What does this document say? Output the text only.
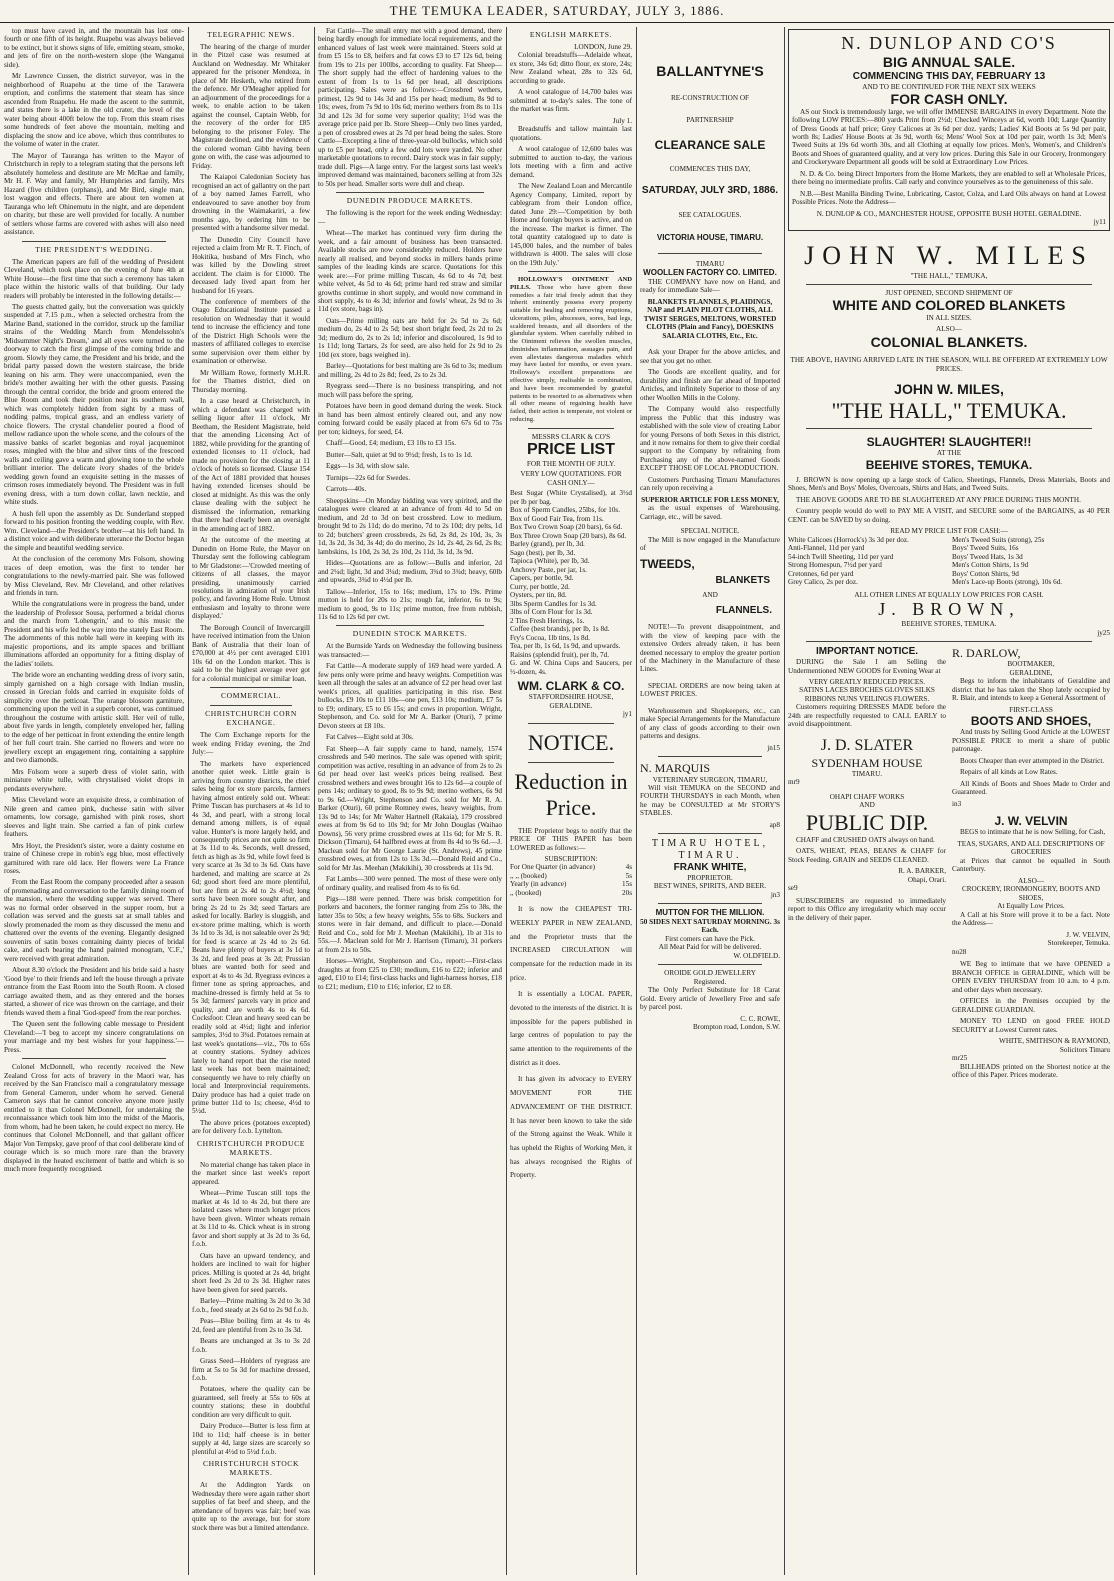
THE TEMUKA LEADER, SATURDAY, JULY 3, 1886.

top must have caved in, and the mountain has lost one-fourth or one fifth of its height. Ruapehu was always believed to be extinct, but it shows signs of life, emitting steam, smoke, and jets of fire on the north-western slope (the Wanganui side).

Mr Lawrence Cussen, the district surveyor, was in the neighborhood of Ruapehu at the time of the Tarawera eruption, and confirms the statement that steam has since ascended from Ruapehu. He made the ascent to the summit, and states there is a lake in the old crater, the level of the water being about 400ft below the top. From this steam rises some hundreds of feet above the mountain, melting and displacing the snow and ice above, which thus contributes to the volume of water in the crater.

The Mayor of Tauranga has written to the Mayor of Christchurch in reply to a telegram stating that the persons left absolutely homeless and destitute are Mr McRae and family, Mr H. F. Way and family, Mr Humphries and family, Mrs Hazard (five children (orphans)), and Mr Bird, single man, lost waggon and effects. There are about ten women at Tauranga who left Ohinemutu in the night, and are dependent on charity, but these are well provided for locally. A number of settlers whose farms are covered with ashes will also need assistance.

THE PRESIDENT'S WEDDING.

The American papers are full of the wedding of President Cleveland, which took place on the evening of June 4th at White House—the first time that such a ceremony has taken place within the historic walls of that building. Our lady readers will probably be interested in the following details:—

The guests chatted gaily, but the conversation was quickly suspended at 7.15 p.m., when a selected orchestra from the Marine Band, stationed in the corridor, struck up the familiar strains of the Wedding March from Mendelssohn's 'Midsummer Night's Dream,' and all eyes were turned to the doorway to catch the first glimpse of the coming bride and groom. Slowly they came, the President and his bride, and the bridal party passed down the western staircase, the bride leaning on his arm. They were unaccompanied, even the bride's mother awaiting her with the other guests. Passing through the central corridor, the bride and groom entered the Blue Room and took their position near its southern wall, which was completely hidden from sight by a mass of nodding palms, tropical grass, and an endless variety of choice flowers. The crystal chandelier poured a flood of mellow radiance upon the whole scene, and the colours of the massive banks of scarlet begonias and royal jacqueminot roses, mingled with the blue and silver tints of the frescoed walls and ceiling gave a warm and glowing tone to the whole brilliant interior. The delicate ivory shades of the bride's wedding gown found an exquisite setting in the masses of crimson roses immediately beyond. The President was in full evening dress, with a turn down collar, lawn necktie, and white studs.

A hush fell upon the assembly as Dr. Sunderland stepped forward to his position fronting the wedding couple, with Rev. Wm. Cleveland—the President's brother—at his left hand. In a distinct voice and with deliberate utterance the Doctor began the simple and beautiful wedding service.

At the conclusion of the ceremony Mrs Folsom, showing traces of deep emotion, was the first to tender her congratulations to the newly-married pair. She was followed by Miss Cleveland, Rev. Mr Cleveland, and other relatives and friends in turn.

While the congratulations were in progress the band, under the leadership of Professor Sousa, performed a bridal chorus and the march from 'Lohengrin,' and to this music the President and his wife led the way into the stately East Room. The adornments of this noble hall were in keeping with its majestic proportions, and its ample spaces and brilliant illuminations afforded an opportunity for a fitting display of the ladies' toilets.

The bride wore an enchanting wedding dress of ivory satin, simply garnished on a high corsage with Indian muslin, crossed in Grecian folds and carried in exquisite folds of simplicity over the petticoat. The orange blossom garniture, commencing upon the veil in a superb coronet, was continued throughout the costume with artistic skill. Her veil of tulle, about five yards in length, completely enveloped her, falling to the edge of her petticoat in front extending the entire length of her full court train. She carried no flowers and wore no jewellery except an engagement ring, containing a sapphire and two diamonds.

Mrs Folsom wore a superb dress of violet satin, with miniature white tulle, with chrystalised violet drops in pendants everywhere.

Miss Cleveland wore an exquisite dress, a combination of Nile green and cameo pink, duchesse satin with silver ornaments, low corsage, garnished with pink roses, short sleeves and light train. She carried a fan of pink curlew feathers.

Mrs Hoyt, the President's sister, wore a dainty costume en traine of Chinese crepe in robin's egg blue, most effectively garnitured with rare old lace. Her flowers were La France roses.

From the East Room the company proceeded after a season of promenading and conversation to the family dining room of the mansion, where the wedding supper was served. There was no formal order observed in the supper room, but a collation was served and the guests sat at small tables and slowly promenaded the room as they discussed the menu and chattered over the events of the evening. Elegantly designed souvenirs of satin boxes containing dainty pieces of bridal cake, and each bearing the hand painted monogram, 'C.F.,' were received with great admiration.

About 8.30 o'clock the President and his bride said a hasty 'Good bye' to their friends and left the house through a private entrance from the East Room into the South Room. A closed carriage awaited them, and as they entered and the horses started, a shower of rice was thrown on the carriage, and their friends waved them a final 'God-speed' from the rear porches.

The Queen sent the following cable message to President Cleveland:—'I beg to accept my sincere congratulations on your marriage and my best wishes for your happiness.'—Press.

Colonel McDonnell, who recently received the New Zealand Cross for acts of bravery in the Maori war, has received by the San Francisco mail a congratulatory message from General Cameron, under whom he served. General Cameron says that he cannot conceive anyone more justly entitled to it than Colonel McDonnell, for undertaking the reconnaissance which took him into the midst of the Maoris, from whom, had he been taken, he could expect no mercy. He continues that Colonel McDonnell, and that gallant officer Major Von Tempsky, gave proof of that cool deliberate kind of courage which is so much more rare than the bravery displayed in the heated excitement of battle and which is so much more frequently recognised.

TELEGRAPHIC NEWS.

The hearing of the charge of murder in the Pitzel case was resumed at Auckland on Wednesday. Mr Whitaker appeared for the prisoner Mendoza, in place of Mr Hesketh, who retired from the defence. Mr O'Meagher applied for an adjournment of the proceedings for a week, to enable action to be taken against the counsel, Captain Webb, for the recovery of the order for £85 belonging to the prisoner Foley. The Magistrate declined, and the evidence of the colored woman Gibb having been gone on with, the case was adjourned to Friday.

The Kaiapoi Caledonian Society has recognised an act of gallantry on the part of a boy named James Farrell, who endeavoured to save another boy from drowning in the Waimakariri, a few months ago, by ordering him to be presented with a handsome silver medal.

The Dunedin City Council have rejected a claim from Mr R. T. Finch, of Hokitika, husband of Mrs Finch, who was killed by the Dowling street accident. The claim is for £1000. The deceased lady lived apart from her husband for 16 years.

The conference of members of the Otago Educational Institute passed a resolution on Wednesday that it would tend to increase the efficiency and tone of the District High Schools were the masters of affiliated colleges to exercise some supervision over them either by examination or otherwise.

Mr William Rowe, formerly M.H.R. for the Thames district, died on Thursday morning.

In a case heard at Christchurch, in which a defendant was charged with selling liquor after 11 o'clock, Mr Beetham, the Resident Magistrate, held that the amending Licensing Act of 1882, while providing for the granting of extended licenses to 11 o'clock, had made no provision for the closing at 11 o'clock of hotels so licensed. Clause 154 of the Act of 1881 provided that houses having extended licenses should be closed at midnight. As this was the only clause dealing with the subject he dismissed the information, remarking that there had clearly been an oversight in the amending act of 1882.

At the outcome of the meeting at Dunedin on Home Rule, the Mayor on Thursday sent the following cablegram to Mr Gladstone:—'Crowded meeting of citizens of all classes, the mayor presiding, unanimously carried resolutions in admiration of your Irish policy, and favoring Home Rule. Utmost enthusiasm and loyalty to throne were displayed.'

The Borough Council of Invercargill have received intimation from the Union Bank of Australia that their loan of £70,000 at 4½ per cent averaged £101 10s 6d on the London market. This is said to be the highest average ever got for a colonial municipal or similar loan.

COMMERCIAL.
CHRISTCHURCH CORN EXCHANGE.

The Corn Exchange reports for the week ending Friday evening, the 2nd July:—

The markets have experienced another quiet week. Little grain is arriving from country districts, the chief sales being for ex store parcels, farmers having almost entirely sold out. Wheat: Prime Tuscan has purchasers at 4s 1d to 4s 3d, and pearl, with a strong local demand among millers, is of equal value. Hunter's is more largely held, and consequently prices are not quite so firm at 3s 11d to 4s. Seconds, well dressed, fetch as high as 3s 9d, while fowl feed is very scarce at 3s 3d to 3s 6d. Oats have hardened, and malting are scarce at 2s 6d; good short feed are more plentiful, but are firm at 2s 4d to 2s 4½d; long sorts have been more sought after, and bring 2s 2d to 2s 3d; seed Tartars are asked for locally. Barley is sluggish, and ex-store prime malting, which is worth 3s 1d to 3s 3d, is not saleable over 2s 9d; for feed is scarce at 2s 4d to 2s 6d. Beans have plenty of buyers at 3s 1d to 3s 2d, and feed peas at 3s 2d; Prussian blues are wanted both for seed and export at 4s to 4s 3d. Ryegrass evinces a firmer tone as spring approaches, and machine-dressed is firmly held at 5s to 5s 3d; farmers' parcels vary in price and quality, and are worth 4s to 4s 6d. Cocksfoot: Clean and heavy seed can be readily sold at 4½d; light and inferior samples, 3½d to 3¾d. Potatoes remain at last week's quotations—viz., 70s to 65s at country stations. Sydney advices lately to hand report that the rise noted last week has not been maintained; consequently we have to rely chiefly on local and Interprovincial requirements. Dairy produce has had a quiet trade on prime butter 11d to 1s; cheese, 4½d to 5½d.

The above prices (potatoes excepted) are for delivery f.o.b. Lyttelton.

CHRISTCHURCH PRODUCE MARKETS.

No material change has taken place in the market since last week's report appeared.

Wheat—Prime Tuscan still tops the market at 4s 1d to 4s 2d, but there are isolated cases where much longer prices have been given. Winter wheats remain at 3s 11d to 4s. Chick wheat is in strong favor and short supply at 3s 2d to 3s 6d, f.o.b.

Oats have an upward tendency, and holders are inclined to wait for higher prices. Milling is quoted at 2s 4d, bright short feed 2s 2d to 2s 3d. Higher rates have been given for seed parcels.

Barley—Prime malting 3s 2d to 3s 3d f.o.b., feed steady at 2s 6d to 2s 9d f.o.b.

Peas—Blue boiling firm at 4s to 4s 2d, feed are plentiful from 2s to 3s 3d.

Beans are unchanged at 3s to 3s 2d f.o.b.

Grass Seed—Holders of ryegrass are firm at 5s to 5s 3d for machine dressed, f.o.b.

Potatoes, where the quality can be guaranteed, sell freely at 55s to 60s at country stations; these in doubtful condition are very difficult to quit.

Dairy Produce—Butter is less firm at 10d to 11d; half cheese is in better supply at 4d, large sizes are scarcely so plentiful at 4½d to 5½d f.o.b.

CHRISTCHURCH STOCK MARKETS.

At the Addington Yards on Wednesday there were again rather short supplies of fat beef and sheep, and the attendance of buyers was fair; beef was quite up to the average, but for store stock there was but a limited attendance.

Fat Cattle—The small entry met with a good demand, there being hardly enough for immediate local requirements, and the enhanced values of last week were maintained. Steers sold at from £5 15s to £8, heifers and fat cows £3 to £7 12s 6d, being from 19s to 21s per 100lbs, according to quality. Fat Sheep—The short supply had the effect of hardening values to the extent of from 1s to 1s 6d per head, all descriptions participating. Sales were as follows:—Crossbred wethers, primest, 12s 9d to 14s 3d and 15s per head; medium, 8s 9d to 10s; ewes, from 7s 9d to 10s 6d; merino wethers from 8s to 11s 3d and 12s 3d for some very superior quality; 1½d was the average price paid per lb. Store Sheep—Only two lines yarded, a pen of crossbred ewes at 2s 7d per head being the sales. Store Cattle—Excepting a line of three-year-old bullocks, which sold up to £5 per head, only a few odd lots were yarded. No other marketable quotations to record. Dairy stock was in fair supply; trade dull. Pigs—A large entry. For the largest sorts last week's improved demand was maintained, baconers selling at from 32s to 50s per head. Smaller sorts were dull and cheap.

DUNEDIN PRODUCE MARKETS.

The following is the report for the week ending Wednesday:—

Wheat—The market has continued very firm during the week, and a fair amount of business has been transacted. Available stocks are now considerably reduced. Holders have nearly all realised, and beyond stocks in millers hands prime samples of the leading kinds are scarce. Quotations for this week are:—For prime milling Tuscan, 4s 6d to 4s 7d; best white velvet, 4s 5d to 4s 6d; prime hard red straw and similar growths continue in short supply, and would now command in short supply, 4s to 4s 3d; inferior and fowls' wheat, 2s 9d to 3s 11d (ex store, bags in).

Oats—Prime milling oats are held for 2s 5d to 2s 6d; medium do, 2s 4d to 2s 5d; best short bright feed, 2s 2d to 2s 3d; medium do, 2s to 2s 1d; inferior and discoloured, 1s 9d to 1s 11d; long Tartars, 2s for seed, are also held for 2s 9d to 2s 10d (ex store, bags weighed in).

Barley—Quotations for best malting are 3s 6d to 3s; medium and milling, 2s 4d to 2s 8d; feed, 2s to 2s 3d.

Ryegrass seed—There is no business transpiring, and not much will pass before the spring.

Potatoes have been in good demand during the week. Stock in hand has been almost entirely cleared out, and any now coming forward could be easily placed at from 67s 6d to 75s per ton; kidneys, for seed, £4.

Chaff—Good, £4; medium, £3 10s to £3 15s.

Butter—Salt, quiet at 9d to 9½d; fresh, 1s to 1s 1d.

Eggs—1s 3d, with slow sale.

Turnips—22s 6d for Swedes.

Carrots—40s.

Sheepskins—On Monday bidding was very spirited, and the catalogues were cleared at an advance of from 4d to 5d on medium, and 2d to 3d on best crossbred. Low to medium, brought 9d to 2s 11d; do do merino, 7d to 2s 10d; dry pelts, 1d to 2d; butchers' green crossbreds, 2s 6d, 2s 8d, 2s 10d, 3s, 3s 1d, 3s 2d, 3s 3d, 3s 4d; do do merino, 2s 1d, 2s 4d, 2s 6d, 2s 8s; lambskins, 1s 10d, 2s 3d, 2s 10d, 2s 11d, 3s 1d, 3s 9d.

Hides—Quotations are as follow:—Bulls and inferior, 2d and 2¼d; light, 3d and 3¼d; medium, 3¾d to 3¾d; heavy, 60lb and upwards, 3¾d to 4½d per lb.

Tallow—Inferior, 15s to 16s; medium, 17s to 19s. Prime mutton is held for 20s to 21s; rough fat, inferior, 6s to 9s; medium to good, 9s to 11s; prime mutton, free from rubbish, 11s 6d to 12s 6d per cwt.

DUNEDIN STOCK MARKETS.

At the Burnside Yards on Wednesday the following business was transacted:—

Fat Cattle—A moderate supply of 169 head were yarded. A few pens only were prime and heavy weights. Competition was keen all through the sales at an advance of £2 per head over last week's prices, all qualities participating in this rise. Best bullocks, £9 10s to £11 10s—one pen, £13 10s; medium, £7 5s to £9; ordinary, £5 to £6 15s; and cows in proportion. Wright, Stephenson, and Co. sold for Mr A. Barker (Oturi), 7 prime Devon steers at £8 10s.

Fat Calves—Eight sold at 30s.

Fat Sheep—A fair supply came to hand, namely, 1574 crossbreds and 540 merinos. The sale was opened with spirit; competition was active, resulting in an advance of from 2s to 2s 6d per head over last week's prices being realised. Best crossbred wethers and ewes brought 16s to 12s 6d—a couple of pens 14s; ordinary to good, 8s to 9s 9d; merino wethers, 6s 9d to 9s 6d.—Wright, Stephenson and Co. sold for Mr R. A. Barker (Oturi), 60 prime Romney ewes, heavy weights, from 13s 9d to 14s; for Mr Walter Hartnell (Rakaia), 179 crossbred ewes at from 9s 6d to 10s 9d; for Mr John Douglas (Waihao Downs), 56 very prime crossbred ewes at 11s 6d; for Mr S. R. Dickson (Timaru), 64 halfbred ewes at from 8s 4d to 9s 6d.—J. Maclean sold for Mr George Laurie (St. Andrews), 45 prime crossbred ewes, at from 12s to 13s 3d.—Donald Reid and Co., sold for Mr Jas. Meehan (Makikihi), 30 crossbreds at 11s 9d.

Fat Lambs—300 were penned. The most of these were only of ordinary quality, and realised from 4s to 6s 6d.

Pigs—188 were penned. There was brisk competition for porkers and baconers, the former ranging from 25s to 38s, the latter 35s to 50s; a few heavy weights, 55s to 68s. Suckers and stores were in fair demand, and difficult to place.—Donald Reid and Co., sold for Mr J. Meehan (Makikihi), 1b at 31s to 55s.—J. Maclean sold for Mr J. Harrison (Timaru), 31 porkers at from 21s to 50s.

Horses—Wright, Stephenson and Co., report:—First-class draughts at from £25 to £30; medium, £16 to £22; inferior and aged, £10 to £14; first-class hacks and light-harness horses, £18 to £21; medium, £10 to £16; inferior, £2 to £8.

ENGLISH MARKETS.
LONDON, June 29.

Colonial breadstuffs—Adelaide wheat, ex store, 34s 6d; ditto flour, ex store, 24s; New Zealand wheat, 28s to 32s 6d, according to grade.

A wool catalogue of 14,700 bales was submitted at to-day's sales. The tone of the market was firm.

July 1.

Breadstuffs and tallow maintain last quotations.

A wool catalogue of 12,600 bales was submitted to auction to-day, the various lots meeting with a firm and active demand.

The New Zealand Loan and Mercantile Agency Company, Limited, report by cablegram from their London office, dated June 29:—'Competition by both Home and foreign buyers is active, and on the increase. The market is firmer. The total quantity catalogued up to date is 145,000 bales, and the number of bales withdrawn is 4000. The sales will close on the 19th July.'

HOLLOWAY'S OINTMENT AND PILLS. Those who have given these remedies a fair trial freely admit that they inherit eminently possess every property suitable for healing and removing eruptions, ulcerations, piles, abscesses, sores, bad legs, scaldered breasts, and all disorders of the glandular system. When carefully rubbed in the Ointment relieves the swollen muscles, diminishes inflammation, assuages pain, and even alleviates dangerous maladies which may have lasted for months, or even years. Holloway's excellent preparations are effective simply, realisable in combination, and have been recommended by grateful patients to be resorted to as alternatives when all other means of regaining health have failed, their action is temperate, not violent or reducing.

MESSRS CLARK & CO'S
PRICE LIST
FOR THE MONTH OF JULY.
VERY LOW QUOTATIONS. FOR CASH ONLY—
Best Sugar (White Crystalised), at 3½d per lb per bag.
Box of Sperm Candles, 25lbs, for 10s.
Box of Good Fair Tea, from 11s.
Box Two Crown Soap (20 bars), 6s 6d.
Box Three Crown Soap (20 bars), 8s 6d.
Barley (grand), per lb, 3d.
Sago (best), per lb, 3d.
Tapioca (White), per lb, 3d.
Anchovy Paste, per jar, 1s.
Capers, per bottle, 9d.
Curry, per bottle, 2d.
Oysters, per tin, 8d.
3lbs Sperm Candles for 1s 3d.
3lbs of Corn Flour for 1s 3d.
2 Tins Fresh Herrings, 1s.
Coffee (best brands), per lb, 1s 8d.
Fry's Cocoa, 1lb tins, 1s 8d.
Tea, per lb, 1s 6d, 1s 9d, and upwards.
Raisins (splendid fruit), per lb, 7d.
G. and W. China Cups and Saucers, per ½-dozen, 4s.
WM. CLARK & CO.
STAFFORDSHIRE HOUSE, GERALDINE.
jy1
NOTICE.
Reduction in Price.

THE Proprietor begs to notify that the PRICE OF THIS PAPER has been LOWERED as follows:—

SUBSCRIPTION:
For One Quarter (in advance)	4s
,, ,, (booked)	5s
Yearly (in advance)	15s
,, (booked)	20s

It is now the CHEAPEST TRI-WEEKLY PAPER in NEW ZEALAND, and the Proprietor trusts that the INCREASED CIRCULATION will compensate for the reduction made in its price.

It is essentially a LOCAL PAPER, devoted to the interests of the district. It is impossible for the papers published in large centres of population to pay the same attention to the requirements of the district as it does.

It has given its advocacy to EVERY MOVEMENT FOR THE ADVANCEMENT OF THE DISTRICT. It has never been known to take the side of the Strong against the Weak. While it has upheld the Rights of Working Men, it has always recognised the Rights of Property.

BALLANTYNE'S
RE-CONSTRUCTION OF
PARTNERSHIP
CLEARANCE SALE
COMMENCES THIS DAY,
SATURDAY, JULY 3RD, 1886.
SEE CATALOGUES.
VICTORIA HOUSE, TIMARU.
TIMARU
WOOLLEN FACTORY CO. LIMITED.

THE COMPANY have now on Hand, and ready for immediate Sale—

BLANKETS FLANNELS, PLAIDINGS, NAP and PLAIN PILOT CLOTHS, ALL TWIST SERGES, MELTONS, WORSTED CLOTHS (Plain and Fancy), DOESKINS SALARIA CLOTHS, Etc., Etc.

Ask your Draper for the above articles, and see that you get no other.

The Goods are excellent quality, and for durability and finish are far ahead of Imported Articles, and infinitely Superior to those of any other Woollen Mills in the Colony.

The Company would also respectfully impress the Public that this industry was established with the sole view of creating Labor for young Persons of both Sexes in this district, and it now remains for them to give their cordial support to the Company by refraining from Purchasing any of the above-named Goods EXCEPT THOSE OF LOCAL PRODUCTION.

Customers Purchasing Timaru Manufactures can rely upon receiving a

SUPERIOR ARTICLE FOR LESS MONEY,

as the usual expenses of Warehousing, Carriage, etc., will be saved.

SPECIAL NOTICE.

The Mill is now engaged in the Manufacture of

TWEEDS,
BLANKETS
AND
FLANNELS.

NOTE!—To prevent disappointment, and with the view of keeping pace with the extensive Orders already taken, it has been deemed necessary to employ the greater portion of the Machinery in the Manufacture of these Lines.

SPECIAL ORDERS are now being taken at LOWEST PRICES.

Warehousemen and Shopkeepers, etc., can make Special Arrangements for the Manufacture of any class of goods according to their own patterns and designs.

jn15
N. MARQUIS
VETERINARY SURGEON, TIMARU,

Will visit TEMUKA on the SECOND and FOURTH THURSDAYS in each Month, when he may be CONSULTED at Mr STORY'S STABLES.

ap8
TIMARU HOTEL, TIMARU.
FRANK WHITE,
PROPRIETOR.
BEST WINES, SPIRITS, AND BEER.
jn3
MUTTON FOR THE MILLION.
50 SIDES NEXT SATURDAY MORNING. 3s Each.
First comers can have the Pick.
All Meat Paid for will be delivered.
W. OLDFIELD.
OROIDE GOLD JEWELLERY
Registered.

The Only Perfect Substitute for 18 Carat Gold. Every article of Jewellery Free and safe by parcel post.

C. C. ROWE,
Brompton road, London, S.W.
N. DUNLOP AND CO'S
BIG ANNUAL SALE.
COMMENCING THIS DAY, FEBRUARY 13
AND TO BE CONTINUED FOR THE NEXT SIX WEEKS
FOR CASH ONLY.

AS our Stock is tremendously large, we will offer IMMENSE BARGAINS in every Department. Note the following LOW PRICES:—800 yards Print from 2½d; Checked Winceys at 6d, worth 10d; Large Quantity of Dress Goods at half price; Grey Calicoes at 3s 6d per doz. yards; Ladies' Kid Boots at 5s 9d per pair, worth 8s; Ladies' House Boots at 3s 9d, worth 6s; Mens' Wool Sox at 10d per pair, worth 1s 3d; Men's Tweed Suits at 19s 6d worth 30s, and all Clothing at equally low prices. Men's, Women's, and Children's Boots and Shoes of guaranteed quality, and at very low prices. During this Sale in our Grocery, Ironmongery and Crockeryware Department all goods will be sold at Extraordinary Low Prices.

N. D. & Co. being Direct Importers from the Home Markets, they are enabled to sell at Wholesale Prices, there being no intermediate profits. Call early and convince yourselves as to the genuineness of this sale.

N.B.—Best Manilla Binding Twine, Lubricating, Castor, Colza, and Lard Oils always on hand at Lowest Possible Prices. Note the Address—

N. DUNLOP & CO., MANCHESTER HOUSE, OPPOSITE BUSH HOTEL GERALDINE.
jy11
JOHN W. MILES
"THE HALL," TEMUKA,
JUST OPENED, SECOND SHIPMENT OF
WHITE AND COLORED BLANKETS
IN ALL SIZES.
ALSO—
COLONIAL BLANKETS.
THE ABOVE, HAVING ARRIVED LATE IN THE SEASON, WILL BE OFFERED AT EXTREMELY LOW PRICES.
JOHN W. MILES,
"THE HALL," TEMUKA.
SLAUGHTER! SLAUGHTER!!
AT THE
BEEHIVE STORES, TEMUKA.

J. BROWN is now opening up a large stock of Calico, Sheetings, Flannels, Dress Materials, Boots and Shoes, Men's and Boys' Moles, Overcoats, Shirts and Hats, and Tweed Suits.

THE ABOVE GOODS ARE TO BE SLAUGHTERED AT ANY PRICE DURING THIS MONTH.

Country people would do well to PAY ME A VISIT, and SECURE some of the BARGAINS, as 40 PER CENT. can be SAVED by so doing.

READ MY PRICE LIST FOR CASH:—
White Calicoes (Horrock's) 3s 3d per doz.
Anti-Flannel, 11d per yard
54-inch Twill Sheeting, 11d per yard
Strong Homespun, 7½d per yard
Cretonnes, 6d per yard
Grey Calico, 2s per doz.
Men's Tweed Suits (strong), 25s
Boys' Tweed Suits, 16s
Boys' Tweed Hats, 1s 3d
Men's Cotton Shirts, 1s 9d
Boys' Cotton Shirts, 9d
Men's Lace-up Boots (strong), 10s 6d.
ALL OTHER LINES AT EQUALLY LOW PRICES FOR CASH.
J. BROWN,
BEEHIVE STORES, TEMUKA.
jy25
IMPORTANT NOTICE.

DURING the Sale I am Selling the Undermentioned NEW GOODS for Evening Wear at

VERY GREATLY REDUCED PRICES.
SATINS LACES BROCHES GLOVES SILKS RIBBONS NUNS VEILINGS FLOWERS.

Customers requiring DRESSES MADE before the 24th are respectfully requested to CALL EARLY to avoid disappointment.

J. D. SLATER
SYDENHAM HOUSE
TIMARU.
mr9
OHAPI CHAFF WORKS
AND
PUBLIC DIP.

CHAFF and CRUSHED OATS always on hand.

OATS, WHEAT, PEAS, BEANS & CHAFF for Stock Feeding. GRAIN and SEEDS CLEANED.

R. A. BARKER,
Ohapi, Orari.
se9

SUBSCRIBERS are requested to immediately report to this Office any irregularity which may occur in the delivery of their paper.

R. DARLOW,
BOOTMAKER,
GERALDINE,

Begs to inform the inhabitants of Geraldine and district that he has taken the Shop lately occupied by R. Blair, and intends to keep a General Assortment of

FIRST-CLASS
BOOTS AND SHOES,

And trusts by Selling Good Article at the LOWEST POSSIBLE PRICE to merit a share of public patronage.

Boots Cheaper than ever attempted in the District.

Repairs of all kinds at Low Rates.

All Kinds of Boots and Shoes Made to Order and Guaranteed.

in3
J. W. VELVIN

BEGS to intimate that he is now Selling, for Cash,

TEAS, SUGARS, AND ALL DESCRIPTIONS OF GROCERIES

at Prices that cannot be equalled in South Canterbury.

ALSO—
CROCKERY, IRONMONGERY, BOOTS AND SHOES,
At Equally Low Prices.

A Call at his Store will prove it to be a fact. Note the Address—

J. W. VELVIN,
Storekeeper, Temuka.
no28

WE Beg to intimate that we have OPENED a BRANCH OFFICE in GERALDINE, which will be OPEN EVERY THURSDAY from 10 a.m. to 4 p.m. and other days when necessary.

OFFICES in the Premises occupied by the GERALDINE GUARDIAN.

MONEY TO LEND on good FREE HOLD SECURITY at Lowest Current rates.

WHITE, SMITHSON & RAYMOND,
Solicitors Timaru
mr25

BILLHEADS printed on the Shortest notice at the office of this Paper. Prices moderate.
